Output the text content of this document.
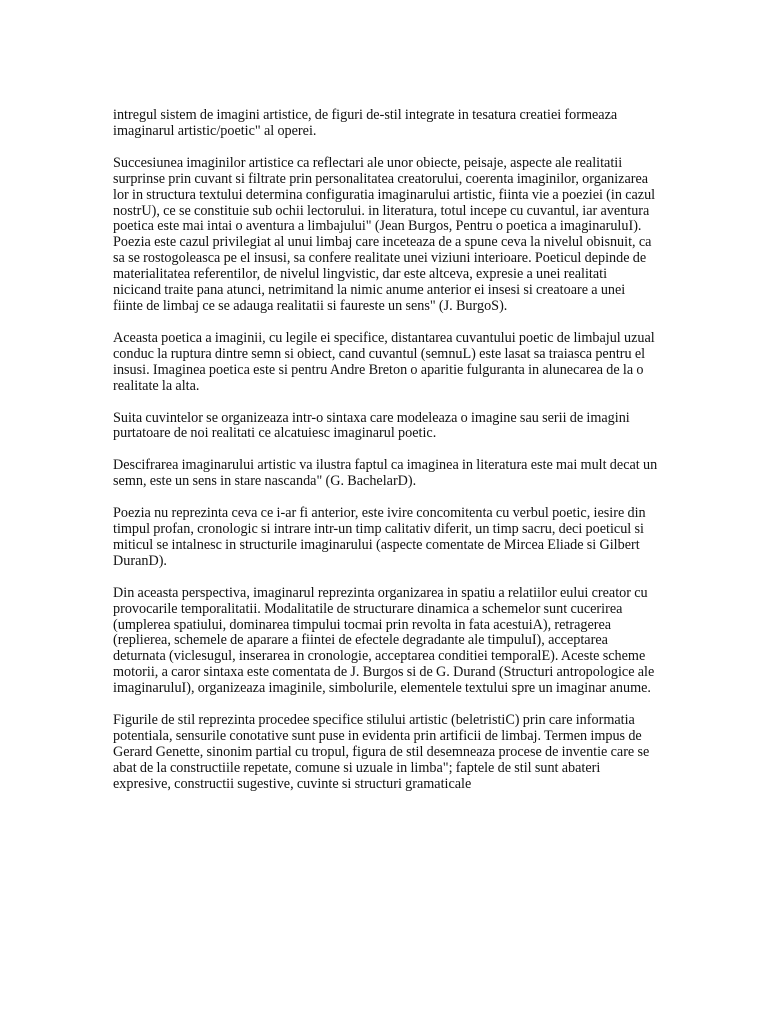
intregul sistem de imagini artistice, de figuri de-stil integrate in tesatura creatiei formeaza imaginarul artistic/poetic" al operei.

Succesiunea imaginilor artistice ca reflectari ale unor obiecte, peisaje, aspecte ale realitatii surprinse prin cuvant si filtrate prin personalitatea creatorului, coerenta imaginilor, organizarea lor in structura textului determina configuratia imaginarului artistic, fiinta vie a poeziei (in cazul nostrU), ce se constituie sub ochii lectorului. in literatura, totul incepe cu cuvantul, iar aventura poetica este mai intai o aventura a limbajului" (Jean Burgos, Pentru o poetica a imaginaruluI). Poezia este cazul privilegiat al unui limbaj care inceteaza de a spune ceva la nivelul obisnuit, ca sa se rostogoleasca pe el insusi, sa confere realitate unei viziuni interioare. Poeticul depinde de materialitatea referentilor, de nivelul lingvistic, dar este altceva, expresie a unei realitati nicicand traite pana atunci, netrimitand la nimic anume anterior ei insesi si creatoare a unei fiinte de limbaj ce se adauga realitatii si faureste un sens" (J. BurgoS).

Aceasta poetica a imaginii, cu legile ei specifice, distantarea cuvantului poetic de limbajul uzual conduc la ruptura dintre semn si obiect, cand cuvantul (semnuL) este lasat sa traiasca pentru el insusi. Imaginea poetica este si pentru Andre Breton o aparitie fulguranta in alunecarea de la o realitate la alta.

Suita cuvintelor se organizeaza intr-o sintaxa care modeleaza o imagine sau serii de imagini purtatoare de noi realitati ce alcatuiesc imaginarul poetic.

Descifrarea imaginarului artistic va ilustra faptul ca imaginea in literatura este mai mult decat un semn, este un sens in stare nascanda" (G. BachelarD).

Poezia nu reprezinta ceva ce i-ar fi anterior, este ivire concomitenta cu verbul poetic, iesire din timpul profan, cronologic si intrare intr-un timp calitativ diferit, un timp sacru, deci poeticul si miticul se intalnesc in structurile imaginarului (aspecte comentate de Mircea Eliade si Gilbert DuranD).

Din aceasta perspectiva, imaginarul reprezinta organizarea in spatiu a relatiilor eului creator cu provocarile temporalitatii. Modalitatile de structurare dinamica a schemelor sunt cucerirea (umplerea spatiului, dominarea timpului tocmai prin revolta in fata acestuiA), retragerea (replierea, schemele de aparare a fiintei de efectele degradante ale timpuluI), acceptarea deturnata (viclesugul, inserarea in cronologie, acceptarea conditiei temporalE). Aceste scheme motorii, a caror sintaxa este comentata de J. Burgos si de G. Durand (Structuri antropologice ale imaginaruluI), organizeaza imaginile, simbolurile, elementele textului spre un imaginar anume.

Figurile de stil reprezinta procedee specifice stilului artistic (beletristiC) prin care informatia potentiala, sensurile conotative sunt puse in evidenta prin artificii de limbaj. Termen impus de Gerard Genette, sinonim partial cu tropul, figura de stil desemneaza procese de inventie care se abat de la constructiile repetate, comune si uzuale in limba"; faptele de stil sunt abateri expresive, constructii sugestive, cuvinte si structuri gramaticale
